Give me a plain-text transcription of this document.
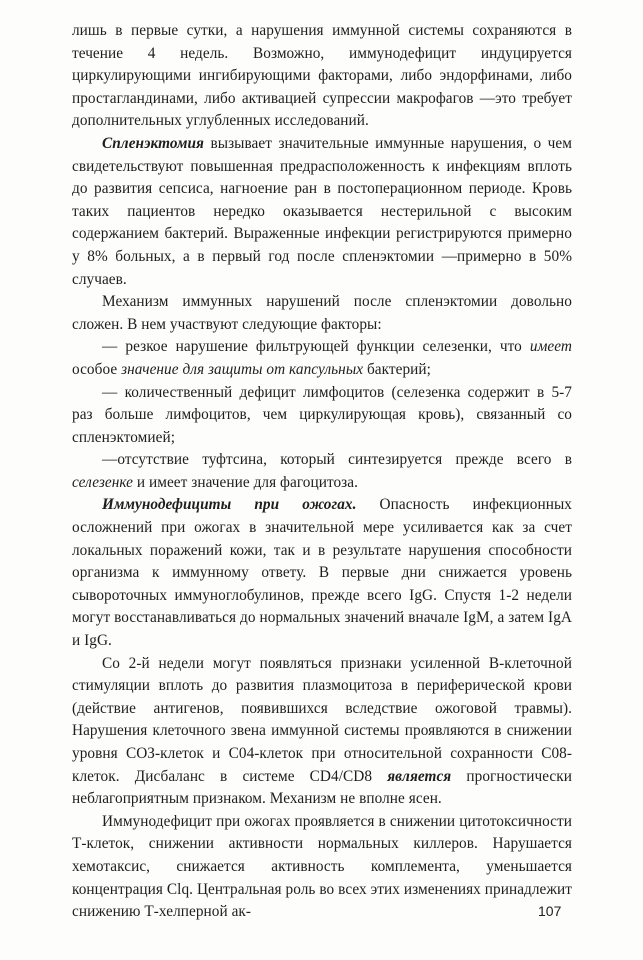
лишь в первые сутки, а нарушения иммунной системы сохраняются в течение 4 недель. Возможно, иммунодефицит индуцируется циркулирующими ингибирующими факторами, либо эндорфинами, либо простагландинами, либо активацией супрессии макрофагов —это требует дополнительных углубленных исследований.

Спленэктомия вызывает значительные иммунные нарушения, о чем свидетельствуют повышенная предрасположенность к инфекциям вплоть до развития сепсиса, нагноение ран в постоперационном периоде. Кровь таких пациентов нередко оказывается нестерильной с высоким содержанием бактерий. Выраженные инфекции регистрируются примерно у 8% больных, а в первый год после спленэктомии —примерно в 50% случаев.

Механизм иммунных нарушений после спленэктомии довольно сложен. В нем участвуют следующие факторы:

— резкое нарушение фильтрующей функции селезенки, что имеет особое значение для защиты от капсульных бактерий;

— количественный дефицит лимфоцитов (селезенка содержит в 5-7 раз больше лимфоцитов, чем циркулирующая кровь), связанный со спленэктомией;

—отсутствие туфтсина, который синтезируется прежде всего в селезенке и имеет значение для фагоцитоза.

Иммунодефициты при ожогах. Опасность инфекционных осложнений при ожогах в значительной мере усиливается как за счет локальных поражений кожи, так и в результате нарушения способности организма к иммунному ответу. В первые дни снижается уровень сывороточных иммуноглобулинов, прежде всего IgG. Спустя 1-2 недели могут восстанавливаться до нормальных значений вначале IgM, а затем IgA и IgG.

Со 2-й недели могут появляться признаки усиленной В-клеточной стимуляции вплоть до развития плазмоцитоза в периферической крови (действие антигенов, появившихся вследствие ожоговой травмы). Нарушения клеточного звена иммунной системы проявляются в снижении уровня СОЗ-клеток и С04-клеток при относительной сохранности С08-клеток. Дисбаланс в системе CD4/CD8 является прогностически неблагоприятным признаком. Механизм не вполне ясен.

Иммунодефицит при ожогах проявляется в снижении цитотоксичности Т-клеток, снижении активности нормальных киллеров. Нарушается хемотаксис, снижается активность комплемента, уменьшается концентрация Clq. Центральная роль во всех этих изменениях принадлежит снижению Т-хелперной ак-	107
